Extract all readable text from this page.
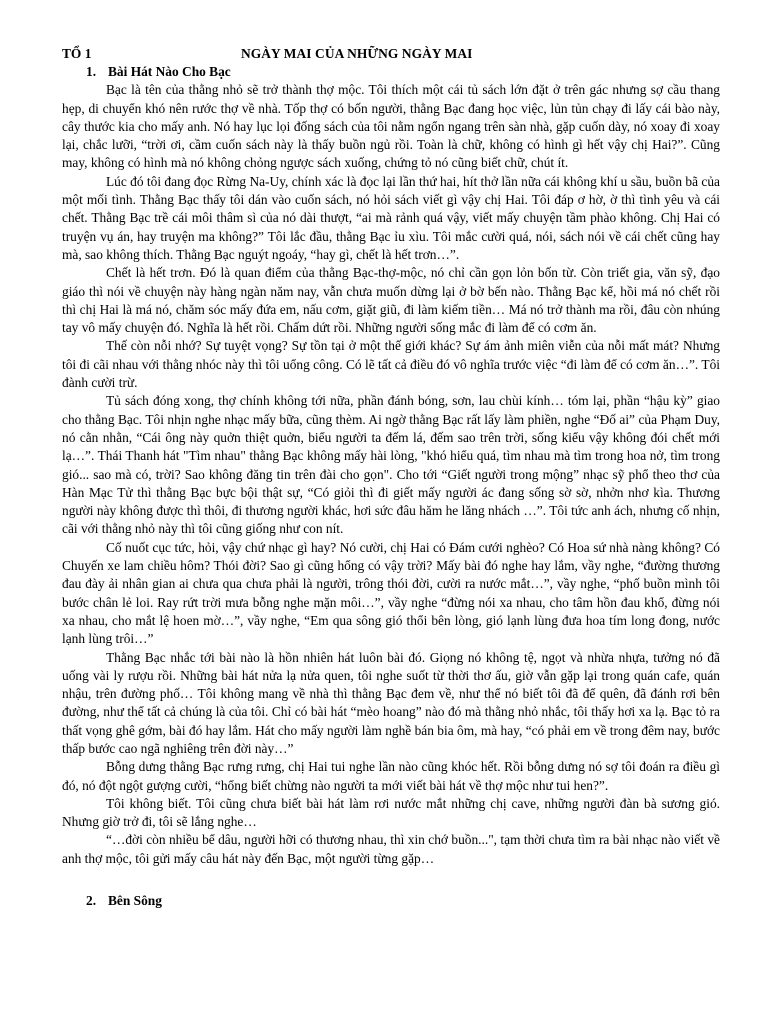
TỔ 1	NGÀY MAI CỦA NHỮNG NGÀY MAI
1. Bài Hát Nào Cho Bạc

Bạc là tên của thằng nhỏ sẽ trở thành thợ mộc. Tôi thích một cái tủ sách lớn đặt ở trên gác nhưng sợ cầu thang hẹp, di chuyển khó nên rước thợ về nhà. Tốp thợ có bốn người, thằng Bạc đang học việc, lủn tủn chạy đi lấy cái bào này, cây thước kia cho mấy anh. Nó hay lục lọi đống sách của tôi nằm ngổn ngang trên sàn nhà, gặp cuốn dày, nó xoay đi xoay lại, chắc lưỡi, “trời ơi, cầm cuốn sách này là thấy buồn ngủ rồi. Toàn là chữ, không có hình gì hết vậy chị Hai?”. Cũng may, không có hình mà nó không chỏng ngược sách xuống, chứng tỏ nó cũng biết chữ, chút ít.

Lúc đó tôi đang đọc Rừng Na-Uy, chính xác là đọc lại lần thứ hai, hít thở lần nữa cái không khí u sầu, buồn bã của một mối tình. Thằng Bạc thấy tôi dán vào cuốn sách, nó hỏi sách viết gì vậy chị Hai. Tôi đáp ơ hờ, ờ thì tình yêu và cái chết. Thằng Bạc trề cái môi thâm sì của nó dài thượt, “ai mà rảnh quá vậy, viết mấy chuyện tầm phào không. Chị Hai có truyện vụ án, hay truyện ma không?” Tôi lắc đầu, thằng Bạc ỉu xìu. Tôi mắc cười quá, nói, sách nói về cái chết cũng hay mà, sao không thích. Thằng Bạc nguýt ngoáy, “hay gì, chết là hết trơn…”.

Chết là hết trơn. Đó là quan điểm của thằng Bạc-thợ-mộc, nó chỉ cần gọn lỏn bốn từ. Còn triết gia, văn sỹ, đạo giáo thì nói về chuyện này hàng ngàn năm nay, vẫn chưa muốn dừng lại ở bờ bến nào. Thằng Bạc kể, hồi má nó chết rồi thì chị Hai là má nó, chăm sóc mấy đứa em, nấu cơm, giặt giũ, đi làm kiếm tiền… Má nó trở thành ma rồi, đâu còn nhúng tay vô mấy chuyện đó. Nghĩa là hết rồi. Chấm dứt rồi. Những người sống mắc đi làm để có cơm ăn.

Thế còn nỗi nhớ? Sự tuyệt vọng? Sự tồn tại ở một thế giới khác? Sự ám ảnh miên viễn của nỗi mất mát? Nhưng tôi đi cãi nhau với thằng nhóc này thì tôi uổng công. Có lẽ tất cả điều đó vô nghĩa trước việc “đi làm để có cơm ăn…”. Tôi đành cười trừ.

Tủ sách đóng xong, thợ chính không tới nữa, phần đánh bóng, sơn, lau chùi kính… tóm lại, phần “hậu kỳ” giao cho thằng Bạc. Tôi nhịn nghe nhạc mấy bữa, cũng thèm. Ai ngờ thằng Bạc rất lấy làm phiền, nghe “Đố ai” của Phạm Duy, nó cằn nhằn, “Cái ông này quởn thiệt quởn, biểu người ta đếm lá, đếm sao trên trời, sống kiểu vậy không đói chết mới lạ…”. Thái Thanh hát "Tìm nhau" thằng Bạc không mấy hài lòng, "khó hiểu quá, tìm nhau mà tìm trong hoa nở, tìm trong gió... sao mà có, trời? Sao không đăng tin trên đài cho gọn". Cho tới “Giết người trong mộng” nhạc sỹ phổ theo thơ của Hàn Mạc Tử thì thằng Bạc bực bội thật sự, “Có giỏi thì đi giết mấy người ác đang sống sờ sờ, nhởn nhơ kìa. Thương người này không được thì thôi, đi thương người khác, hơi sức đâu hăm he lăng nhách …”. Tôi tức anh ách, nhưng cố nhịn, cãi với thằng nhỏ này thì tôi cũng giống như con nít.

Cố nuốt cục tức, hỏi, vậy chứ nhạc gì hay? Nó cười, chị Hai có Đám cưới nghèo? Có Hoa sứ nhà nàng không? Có Chuyến xe lam chiều hôm? Thói đời? Sao gì cũng hổng có vậy trời? Mấy bài đó nghe hay lắm, vầy nghe, “đường thương đau đày ải nhân gian ai chưa qua chưa phải là người, trông thói đời, cười ra nước mắt…”, vầy nghe, “phố buồn mình tôi bước chân lẻ loi. Ray rứt trời mưa bỗng nghe mặn môi…”, vầy nghe “đừng nói xa nhau, cho tâm hồn đau khổ, đừng nói xa nhau, cho mắt lệ hoen mờ…”, vầy nghe, “Em qua sông gió thổi bên lòng, gió lạnh lùng đưa hoa tím long đong, nước lạnh lùng trôi…”

Thằng Bạc nhắc tới bài nào là hồn nhiên hát luôn bài đó. Giọng nó không tệ, ngọt và nhừa nhựa, tưởng nó đã uống vài ly rượu rồi. Những bài hát nửa lạ nửa quen, tôi nghe suốt từ thời thơ ấu, giờ vẫn gặp lại trong quán cafe, quán nhậu, trên đường phố… Tôi không mang về nhà thì thằng Bạc đem về, như thể nó biết tôi đã để quên, đã đánh rơi bên đường, như thể tất cả chúng là của tôi. Chỉ có bài hát “mèo hoang” nào đó mà thằng nhỏ nhắc, tôi thấy hơi xa lạ. Bạc tỏ ra thất vọng ghê gớm, bài đó hay lắm. Hát cho mấy người làm nghề bán bia ôm, mà hay, “có phải em về trong đêm nay, bước thấp bước cao ngã nghiêng trên đời này…”

Bỗng dưng thằng Bạc rưng rưng, chị Hai tui nghe lần nào cũng khóc hết. Rồi bỗng dưng nó sợ tôi đoán ra điều gì đó, nó đột ngột gượng cười, “hổng biết chừng nào người ta mới viết bài hát về thợ mộc như tui hen?”.

Tôi không biết. Tôi cũng chưa biết bài hát làm rơi nước mắt những chị cave, những người đàn bà sương gió. Nhưng giờ trở đi, tôi sẽ lắng nghe…

“…đời còn nhiều bể dâu, người hỡi có thương nhau, thì xin chớ buồn...", tạm thời chưa tìm ra bài nhạc nào viết về anh thợ mộc, tôi gửi mấy câu hát này đến Bạc, một người từng gặp…

2. Bên Sông
